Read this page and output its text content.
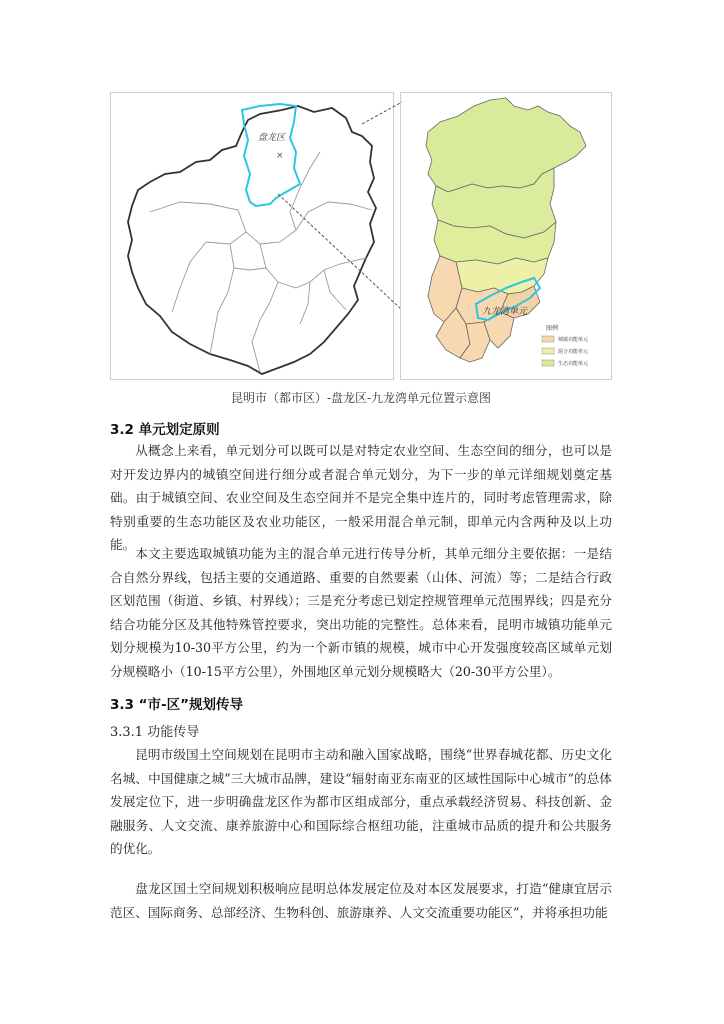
盘龙区
×
九龙湾单元
图例
城镇功能单元
混合功能单元
生态功能单元
昆明市（都市区）-盘龙区-九龙湾单元位置示意图
3.2 单元划定原则

从概念上来看，单元划分可以既可以是对特定农业空间、生态空间的细分，也可以是对开发边界内的城镇空间进行细分或者混合单元划分，为下一步的单元详细规划奠定基础。由于城镇空间、农业空间及生态空间并不是完全集中连片的，同时考虑管理需求，除特别重要的生态功能区及农业功能区，一般采用混合单元制，即单元内含两种及以上功能。

本文主要选取城镇功能为主的混合单元进行传导分析，其单元细分主要依据：一是结合自然分界线，包括主要的交通道路、重要的自然要素（山体、河流）等；二是结合行政区划范围（街道、乡镇、村界线）；三是充分考虑已划定控规管理单元范围界线；四是充分结合功能分区及其他特殊管控要求，突出功能的完整性。总体来看，昆明市城镇功能单元划分规模为10-30平方公里，约为一个新市镇的规模，城市中心开发强度较高区域单元划分规模略小（10-15平方公里），外围地区单元划分规模略大（20-30平方公里）。

3.3 “市-区”规划传导
3.3.1 功能传导

昆明市级国土空间规划在昆明市主动和融入国家战略，围绕“世界春城花都、历史文化名城、中国健康之城”三大城市品牌，建设“辐射南亚东南亚的区域性国际中心城市”的总体发展定位下，进一步明确盘龙区作为都市区组成部分，重点承载经济贸易、科技创新、金融服务、人文交流、康养旅游中心和国际综合枢纽功能，注重城市品质的提升和公共服务的优化。

盘龙区国土空间规划积极响应昆明总体发展定位及对本区发展要求，打造“健康宜居示范区、国际商务、总部经济、生物科创、旅游康养、人文交流重要功能区”，并将承担功能
